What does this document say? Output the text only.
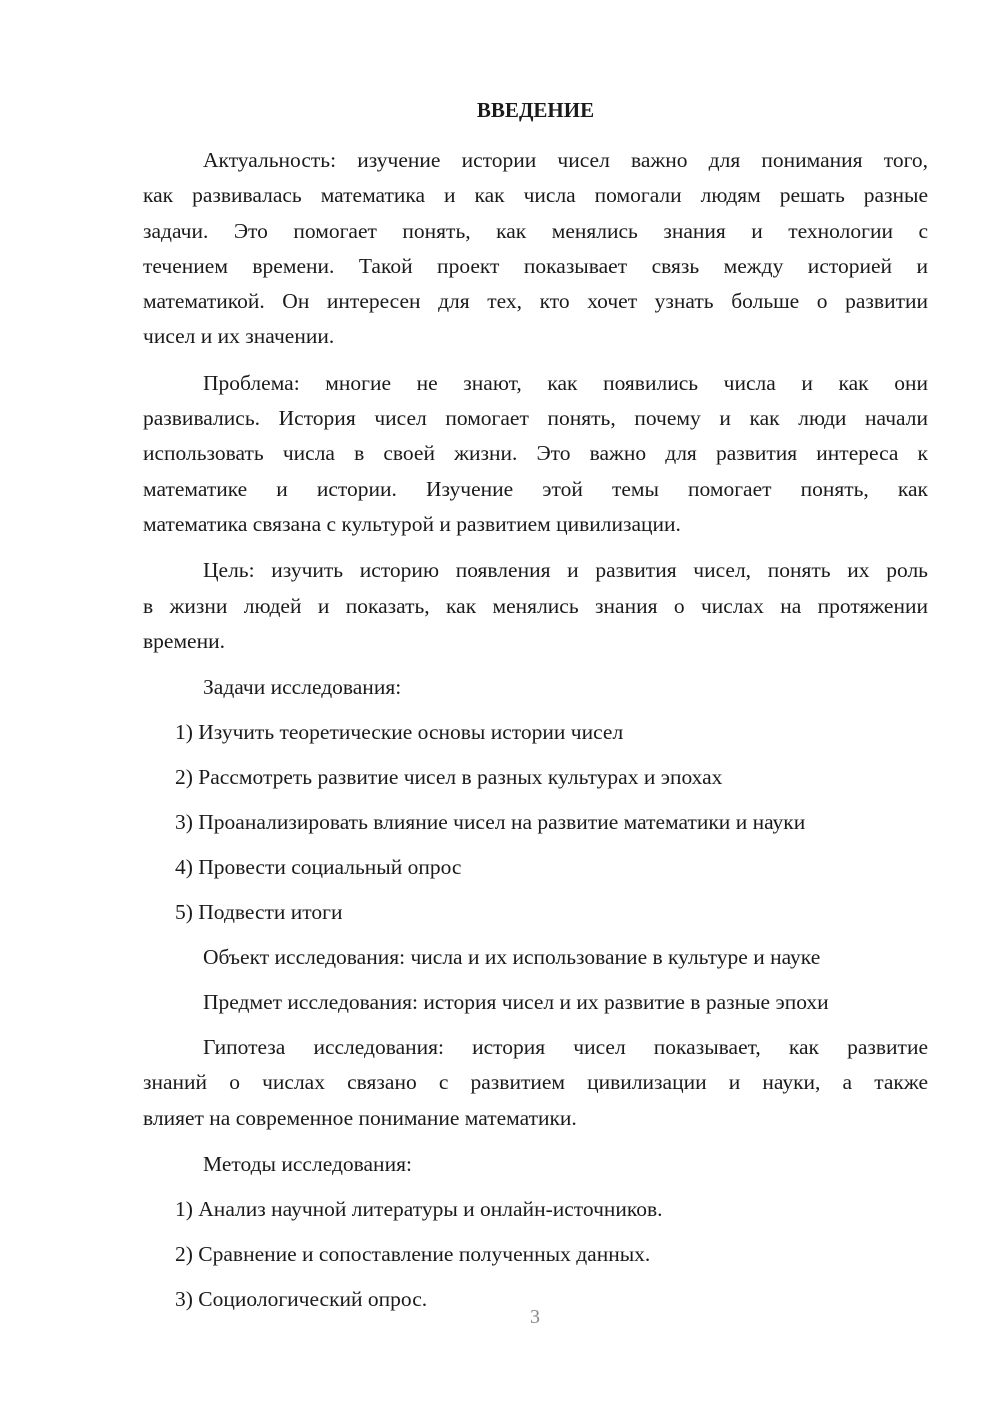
ВВЕДЕНИЕ
Актуальность: изучение истории чисел важно для понимания того,
как развивалась математика и как числа помогали людям решать разные
задачи. Это помогает понять, как менялись знания и технологии с
течением времени. Такой проект показывает связь между историей и
математикой. Он интересен для тех, кто хочет узнать больше о развитии
чисел и их значении.
Проблема: многие не знают, как появились числа и как они
развивались. История чисел помогает понять, почему и как люди начали
использовать числа в своей жизни. Это важно для развития интереса к
математике и истории. Изучение этой темы помогает понять, как
математика связана с культурой и развитием цивилизации.
Цель: изучить историю появления и развития чисел, понять их роль
в жизни людей и показать, как менялись знания о числах на протяжении
времени.
Задачи исследования:
1) Изучить теоретические основы истории чисел
2) Рассмотреть развитие чисел в разных культурах и эпохах
3) Проанализировать влияние чисел на развитие математики и науки
4) Провести социальный опрос
5) Подвести итоги
Объект исследования: числа и их использование в культуре и науке
Предмет исследования: история чисел и их развитие в разные эпохи
Гипотеза исследования: история чисел показывает, как развитие
знаний о числах связано с развитием цивилизации и науки, а также
влияет на современное понимание математики.
Методы исследования:
1) Анализ научной литературы и онлайн-источников.
2) Сравнение и сопоставление полученных данных.
3) Социологический опрос.
3
